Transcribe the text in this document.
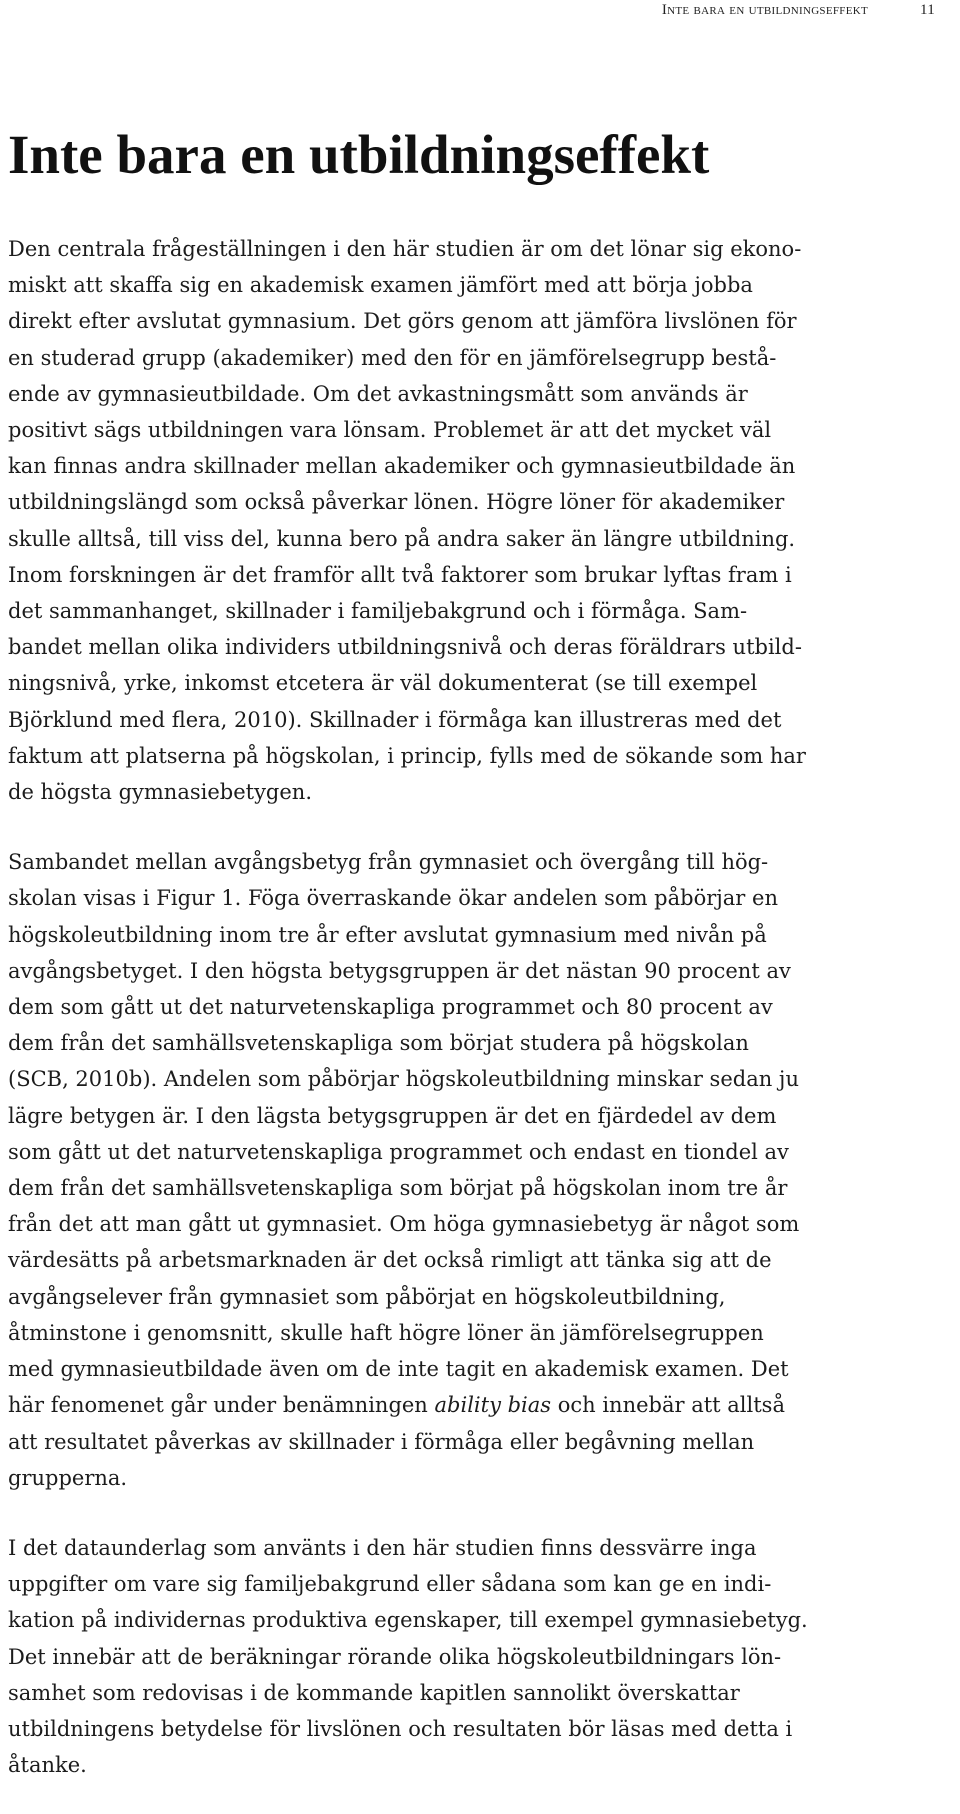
Inte bara en utbildningseffekt	11
Inte bara en utbildningseffekt

Den centrala frågeställningen i den här studien är om det lönar sig ekono-
miskt att skaffa sig en akademisk examen jämfört med att börja jobba
direkt efter avslutat gymnasium. Det görs genom att jämföra livslönen för
en studerad grupp (akademiker) med den för en jämförelsegrupp bestå-
ende av gymnasieutbildade. Om det avkastningsmått som används är
positivt sägs utbildningen vara lönsam. Problemet är att det mycket väl
kan finnas andra skillnader mellan akademiker och gymnasieutbildade än
utbildningslängd som också påverkar lönen. Högre löner för akademiker
skulle alltså, till viss del, kunna bero på andra saker än längre utbildning.
Inom forskningen är det framför allt två faktorer som brukar lyftas fram i
det sammanhanget, skillnader i familjebakgrund och i förmåga. Sam-
bandet mellan olika individers utbildningsnivå och deras föräldrars utbild-
ningsnivå, yrke, inkomst etcetera är väl dokumenterat (se till exempel
Björklund med flera, 2010). Skillnader i förmåga kan illustreras med det
faktum att platserna på högskolan, i princip, fylls med de sökande som har
de högsta gymnasiebetygen.

Sambandet mellan avgångsbetyg från gymnasiet och övergång till hög-
skolan visas i Figur 1. Föga överraskande ökar andelen som påbörjar en
högskoleutbildning inom tre år efter avslutat gymnasium med nivån på
avgångsbetyget. I den högsta betygsgruppen är det nästan 90 procent av
dem som gått ut det naturvetenskapliga programmet och 80 procent av
dem från det samhällsvetenskapliga som börjat studera på högskolan
(SCB, 2010b). Andelen som påbörjar högskoleutbildning minskar sedan ju
lägre betygen är. I den lägsta betygsgruppen är det en fjärdedel av dem
som gått ut det naturvetenskapliga programmet och endast en tiondel av
dem från det samhällsvetenskapliga som börjat på högskolan inom tre år
från det att man gått ut gymnasiet. Om höga gymnasiebetyg är något som
värdesätts på arbetsmarknaden är det också rimligt att tänka sig att de
avgångselever från gymnasiet som påbörjat en högskoleutbildning,
åtminstone i genomsnitt, skulle haft högre löner än jämförelsegruppen
med gymnasieutbildade även om de inte tagit en akademisk examen. Det
här fenomenet går under benämningen ability bias och innebär att alltså
att resultatet påverkas av skillnader i förmåga eller begåvning mellan
grupperna.

I det dataunderlag som använts i den här studien finns dessvärre inga
uppgifter om vare sig familjebakgrund eller sådana som kan ge en indi-
kation på individernas produktiva egenskaper, till exempel gymnasiebetyg.
Det innebär att de beräkningar rörande olika högskoleutbildningars lön-
samhet som redovisas i de kommande kapitlen sannolikt överskattar
utbildningens betydelse för livslönen och resultaten bör läsas med detta i
åtanke.
